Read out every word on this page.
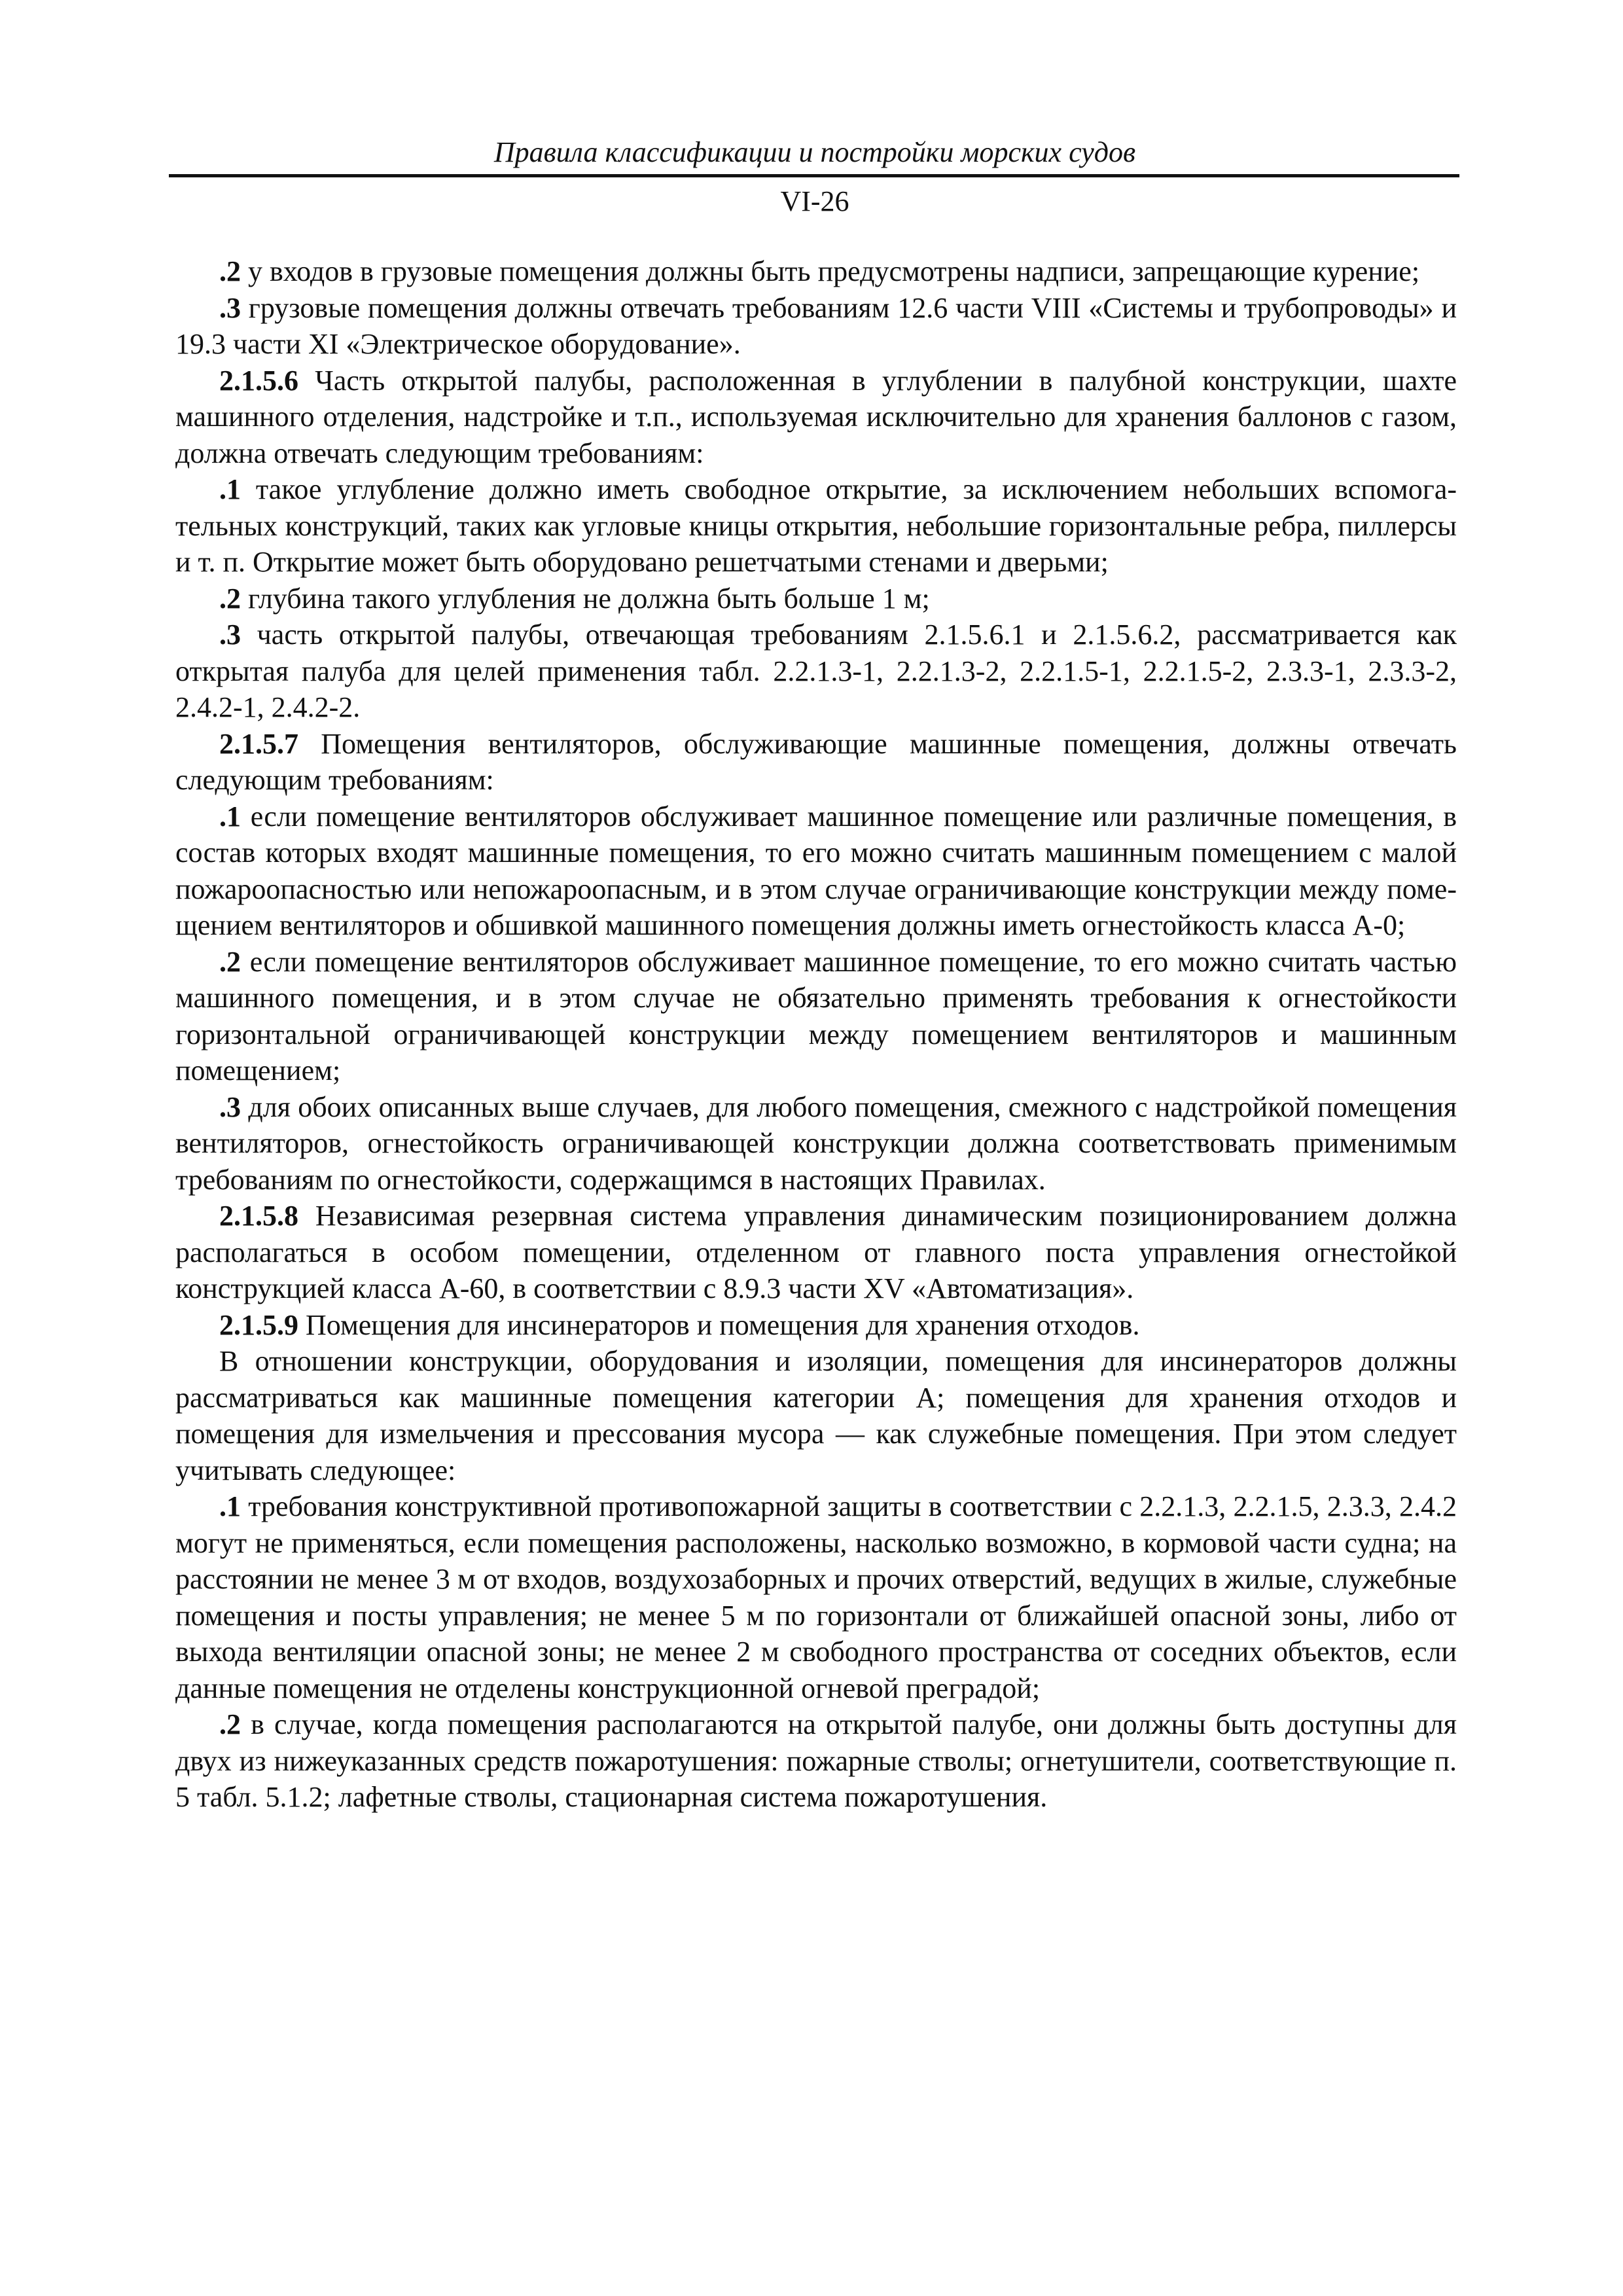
Правила классификации и постройки морских судов
VI-26

.2 у входов в грузовые помещения должны быть предусмотрены надписи, запрещающие курение;

.3 грузовые помещения должны отвечать требованиям 12.6 части VIII «Системы и трубопроводы» и 19.3 части XI «Электрическое оборудование».

2.1.5.6 Часть открытой палубы, расположенная в углублении в палубной конструкции, шахте машинного отделения, надстройке и т.п., используемая исключительно для хранения баллонов с газом, должна отвечать следующим требованиям:

.1 такое углубление должно иметь свободное открытие, за исключением небольших вспомогательных конструкций, таких как угловые кницы открытия, небольшие горизонтальные ребра, пиллерсы и т. п. Открытие может быть оборудовано решетчатыми стенами и дверьми;

.2 глубина такого углубления не должна быть больше 1 м;

.3 часть открытой палубы, отвечающая требованиям 2.1.5.6.1 и 2.1.5.6.2, рассматривается как открытая палуба для целей применения табл. 2.2.1.3-1, 2.2.1.3-2, 2.2.1.5-1, 2.2.1.5-2, 2.3.3-1, 2.3.3-2, 2.4.2-1, 2.4.2-2.

2.1.5.7 Помещения вентиляторов, обслуживающие машинные помещения, должны отвечать следующим требованиям:

.1 если помещение вентиляторов обслуживает машинное помещение или различные помещения, в состав которых входят машинные помещения, то его можно считать машинным помещением с малой пожароопасностью или непожароопасным, и в этом случае ограничивающие конструкции между помещением вентиляторов и обшивкой машинного помещения должны иметь огнестойкость класса А-0;

.2 если помещение вентиляторов обслуживает машинное помещение, то его можно считать частью машинного помещения, и в этом случае не обязательно применять требования к огнестойкости горизонтальной ограничивающей конструкции между помещением вентиляторов и машинным помещением;

.3 для обоих описанных выше случаев, для любого помещения, смежного с надстройкой помещения вентиляторов, огнестойкость ограничивающей конструкции должна соответствовать применимым требованиям по огнестойкости, содержащимся в настоящих Правилах.

2.1.5.8 Независимая резервная система управления динамическим позиционированием должна располагаться в особом помещении, отделенном от главного поста управления огнестойкой конструкцией класса А-60, в соответствии с 8.9.3 части XV «Автоматизация».

2.1.5.9 Помещения для инсинераторов и помещения для хранения отходов.

В отношении конструкции, оборудования и изоляции, помещения для инсинераторов должны рассматриваться как машинные помещения категории А; помещения для хранения отходов и помещения для измельчения и прессования мусора — как служебные помещения. При этом следует учитывать следующее:

.1 требования конструктивной противопожарной защиты в соответствии с 2.2.1.3, 2.2.1.5, 2.3.3, 2.4.2 могут не применяться, если помещения расположены, насколько возможно, в кормовой части судна; на расстоянии не менее 3 м от входов, воздухозаборных и прочих отверстий, ведущих в жилые, служебные помещения и посты управления; не менее 5 м по горизонтали от ближайшей опасной зоны, либо от выхода вентиляции опасной зоны; не менее 2 м свободного пространства от соседних объектов, если данные помещения не отделены конструкционной огневой преградой;

.2 в случае, когда помещения располагаются на открытой палубе, они должны быть доступны для двух из нижеуказанных средств пожаротушения: пожарные стволы; огнетушители, соответствующие п. 5 табл. 5.1.2; лафетные стволы, стационарная система пожаротушения.
